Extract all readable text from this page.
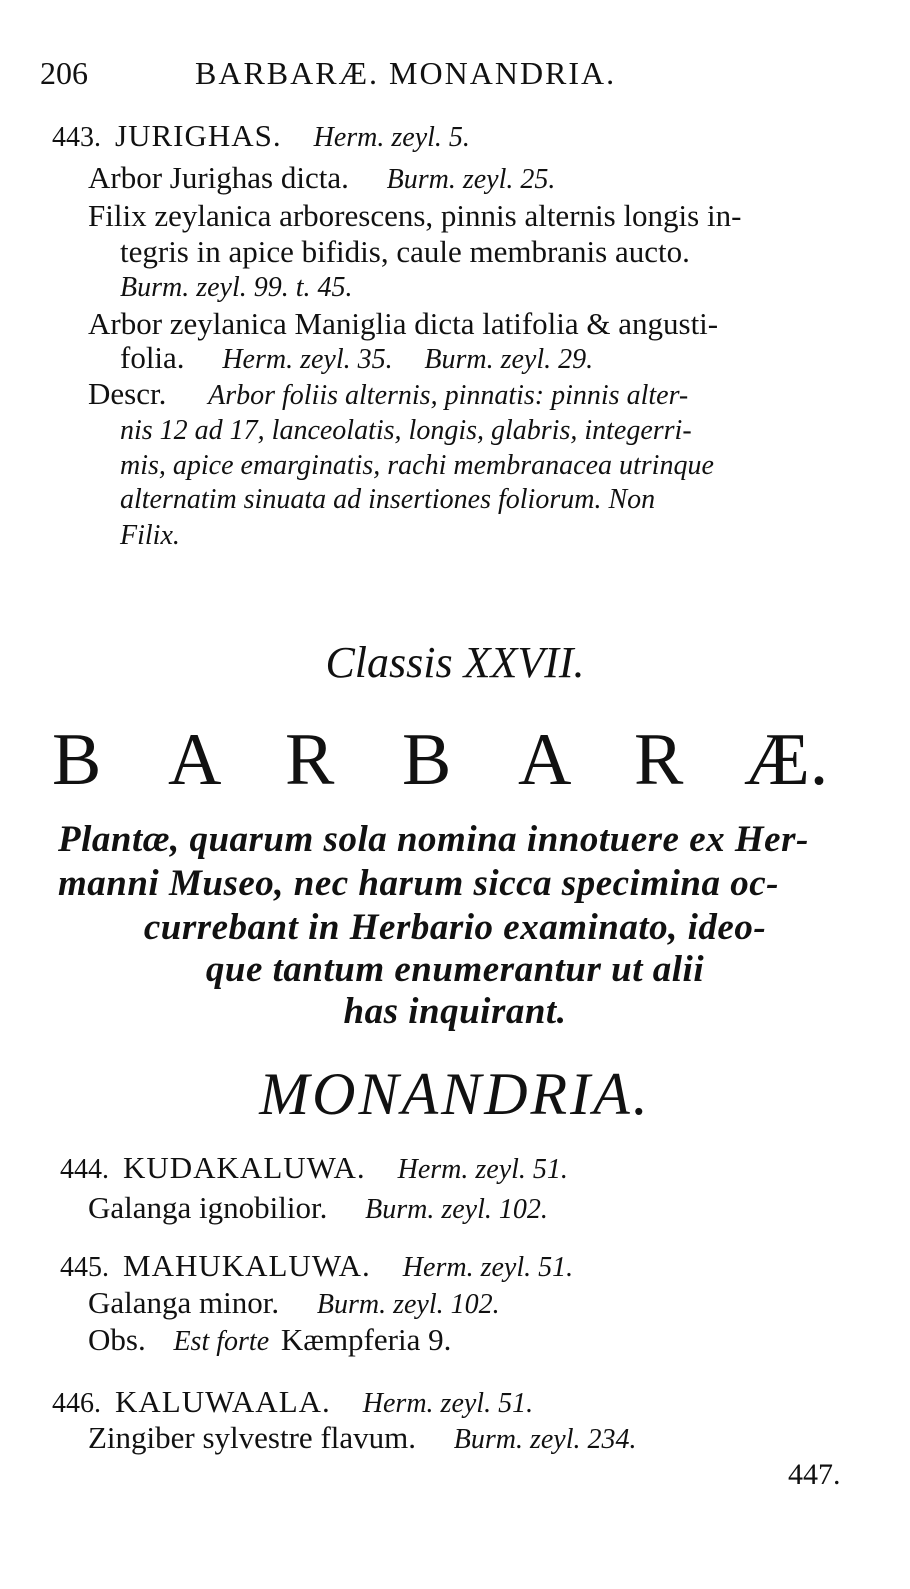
206	BARBARÆ. MONANDRIA.
443. JURIGHAS. Herm. zeyl. 5.
Arbor Jurighas dicta. Burm. zeyl. 25.
Filix zeylanica arborescens, pinnis alternis longis in-
tegris in apice bifidis, caule membranis aucto.
Burm. zeyl. 99. t. 45.
Arbor zeylanica Maniglia dicta latifolia & angusti-
folia. Herm. zeyl. 35. Burm. zeyl. 29.
Descr. Arbor foliis alternis, pinnatis: pinnis alter-
nis 12 ad 17, lanceolatis, longis, glabris, integerri-
mis, apice emarginatis, rachi membranacea utrinque
alternatim sinuata ad insertiones foliorum. Non
Filix.
Classis XXVII.
B A R B A R Æ.
Plantæ, quarum sola nomina innotuere ex Her-
manni Museo, nec harum sicca specimina oc-
currebant in Herbario examinato, ideo-
que tantum enumerantur ut alii
has inquirant.
MONANDRIA.
444. KUDAKALUWA. Herm. zeyl. 51.
Galanga ignobilior. Burm. zeyl. 102.
445. MAHUKALUWA. Herm. zeyl. 51.
Galanga minor. Burm. zeyl. 102.
Obs. Est forte Kæmpferia 9.
446. KALUWAALA. Herm. zeyl. 51.
Zingiber sylvestre flavum. Burm. zeyl. 234.
447.
